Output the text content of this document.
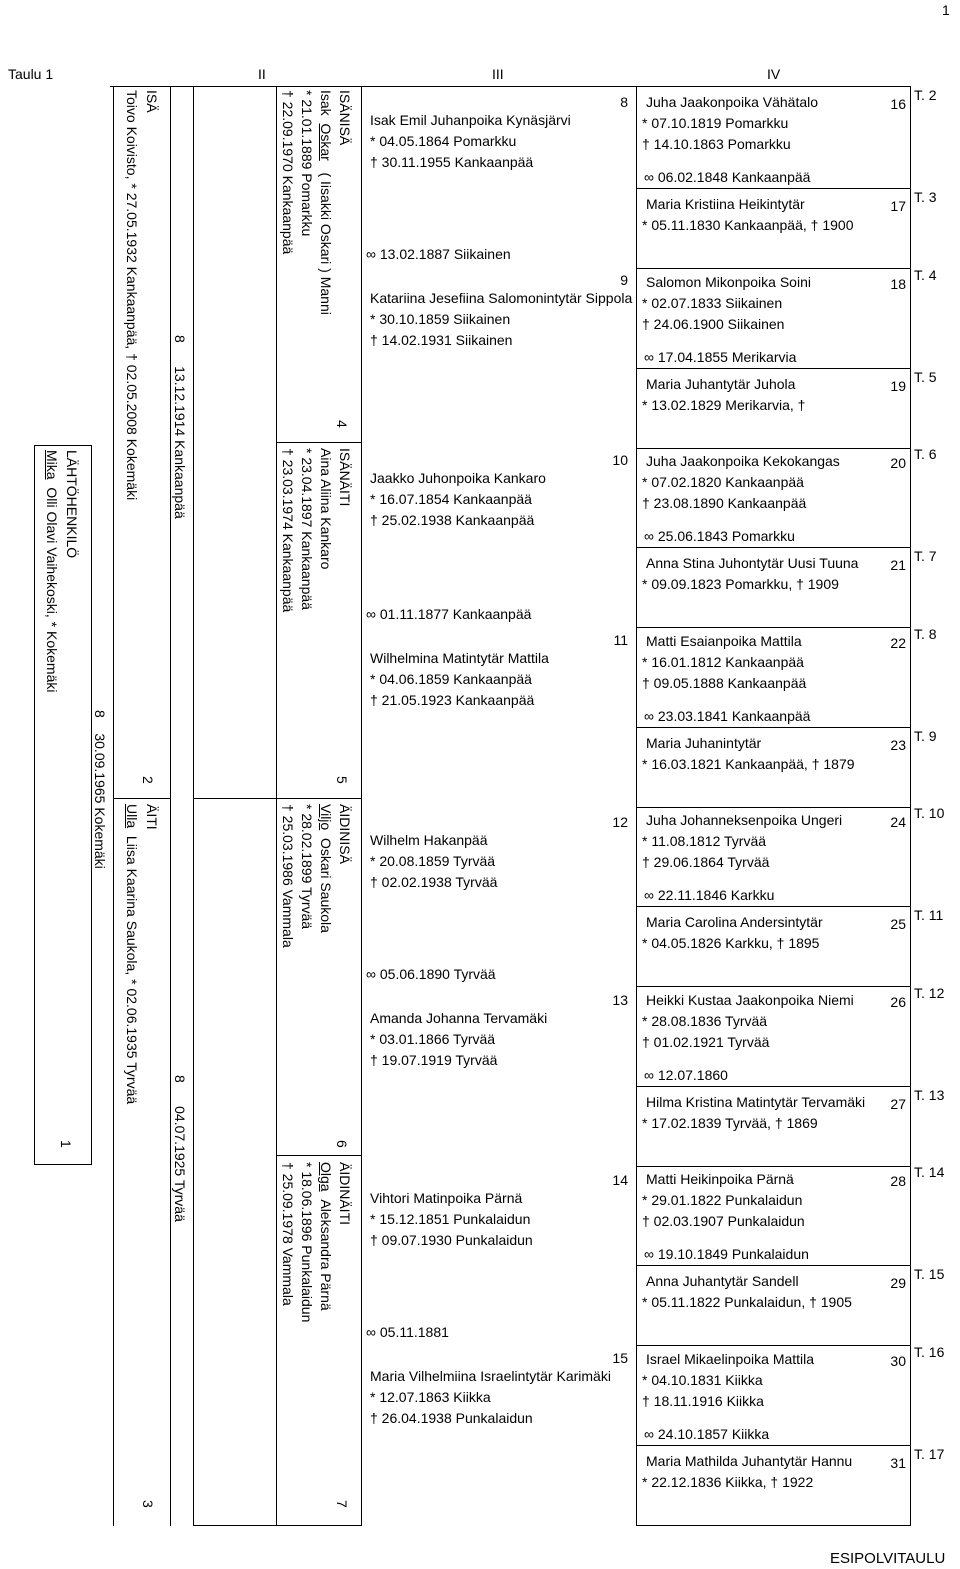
1
Taulu 1	II	III	IV
LÄHTÖHENKILÖ
Mika  Olli Olavi Vaihekoski, * Kokemäki
1
8    30.09.1965 Kokemäki
ISÄ
Toivo Koivisto, * 27.05.1932 Kankaanpää, † 02.05.2008 Kokemäki
2
ÄITI
Ulla  Liisa Kaarina Saukola, * 02.06.1935 Tyrvää
3
8      13.12.1914 Kankaanpää
8      04.07.1925 Tyrvää
ISÄNISÄ
Isak  Oskar   ( Iisakki Oskari ) Manni
* 21.01.1889 Pomarkku
† 22.09.1970 Kankaanpää
4
ISÄNÄITI
Aina Aliina Kankaro
* 23.04.1897 Kankaanpää
† 23.03.1974 Kankaanpää
5
ÄIDINISÄ
Viljo  Oskari Saukola
* 28.02.1899 Tyrvää
† 25.03.1986 Vammala
6
ÄIDINÄITI
Olga  Aleksandra Pärnä
* 18.06.1896 Punkalaidun
† 25.09.1978 Vammala
7
8
Isak Emil Juhanpoika Kynäsjärvi
* 04.05.1864 Pomarkku
† 30.11.1955 Kankaanpää
∞ 13.02.1887 Siikainen
9
Katariina Jesefiina Salomonintytär Sippola
* 30.10.1859 Siikainen
† 14.02.1931 Siikainen
10
Jaakko Juhonpoika Kankaro
* 16.07.1854 Kankaanpää
† 25.02.1938 Kankaanpää
∞ 01.11.1877 Kankaanpää
11
Wilhelmina Matintytär Mattila
* 04.06.1859 Kankaanpää
† 21.05.1923 Kankaanpää
12
Wilhelm Hakanpää
* 20.08.1859 Tyrvää
† 02.02.1938 Tyrvää
∞ 05.06.1890 Tyrvää
13
Amanda Johanna Tervamäki
* 03.01.1866 Tyrvää
† 19.07.1919 Tyrvää
14
Vihtori Matinpoika Pärnä
* 15.12.1851 Punkalaidun
† 09.07.1930 Punkalaidun
∞ 05.11.1881
15
Maria Vilhelmiina Israelintytär Karimäki
* 12.07.1863 Kiikka
† 26.04.1938 Punkalaidun
Juha Jaakonpoika Vähätalo
* 07.10.1819 Pomarkku
† 14.10.1863 Pomarkku
∞ 06.02.1848 Kankaanpää
16
T. 2
Maria Kristiina Heikintytär
* 05.11.1830 Kankaanpää, † 1900
17
T. 3
Salomon Mikonpoika Soini
* 02.07.1833 Siikainen
† 24.06.1900 Siikainen
∞ 17.04.1855 Merikarvia
18
T. 4
Maria Juhantytär Juhola
* 13.02.1829 Merikarvia, †
19
T. 5
Juha Jaakonpoika Kekokangas
* 07.02.1820 Kankaanpää
† 23.08.1890 Kankaanpää
∞ 25.06.1843 Pomarkku
20
T. 6
Anna Stina Juhontytär Uusi Tuuna
* 09.09.1823 Pomarkku, † 1909
21
T. 7
Matti Esaianpoika Mattila
* 16.01.1812 Kankaanpää
† 09.05.1888 Kankaanpää
∞ 23.03.1841 Kankaanpää
22
T. 8
Maria Juhanintytär
* 16.03.1821 Kankaanpää, † 1879
23
T. 9
Juha Johanneksenpoika Ungeri
* 11.08.1812 Tyrvää
† 29.06.1864 Tyrvää
∞ 22.11.1846 Karkku
24
T. 10
Maria Carolina Andersintytär
* 04.05.1826 Karkku, † 1895
25
T. 11
Heikki Kustaa Jaakonpoika Niemi
* 28.08.1836 Tyrvää
† 01.02.1921 Tyrvää
∞ 12.07.1860
26
T. 12
Hilma Kristina Matintytär Tervamäki
* 17.02.1839 Tyrvää, † 1869
27
T. 13
Matti Heikinpoika Pärnä
* 29.01.1822 Punkalaidun
† 02.03.1907 Punkalaidun
∞ 19.10.1849 Punkalaidun
28
T. 14
Anna Juhantytär Sandell
* 05.11.1822 Punkalaidun, † 1905
29
T. 15
Israel Mikaelinpoika Mattila
* 04.10.1831 Kiikka
† 18.11.1916 Kiikka
∞ 24.10.1857 Kiikka
30
T. 16
Maria Mathilda Juhantytär Hannu
* 22.12.1836 Kiikka, † 1922
31
T. 17
ESIPOLVITAULU
